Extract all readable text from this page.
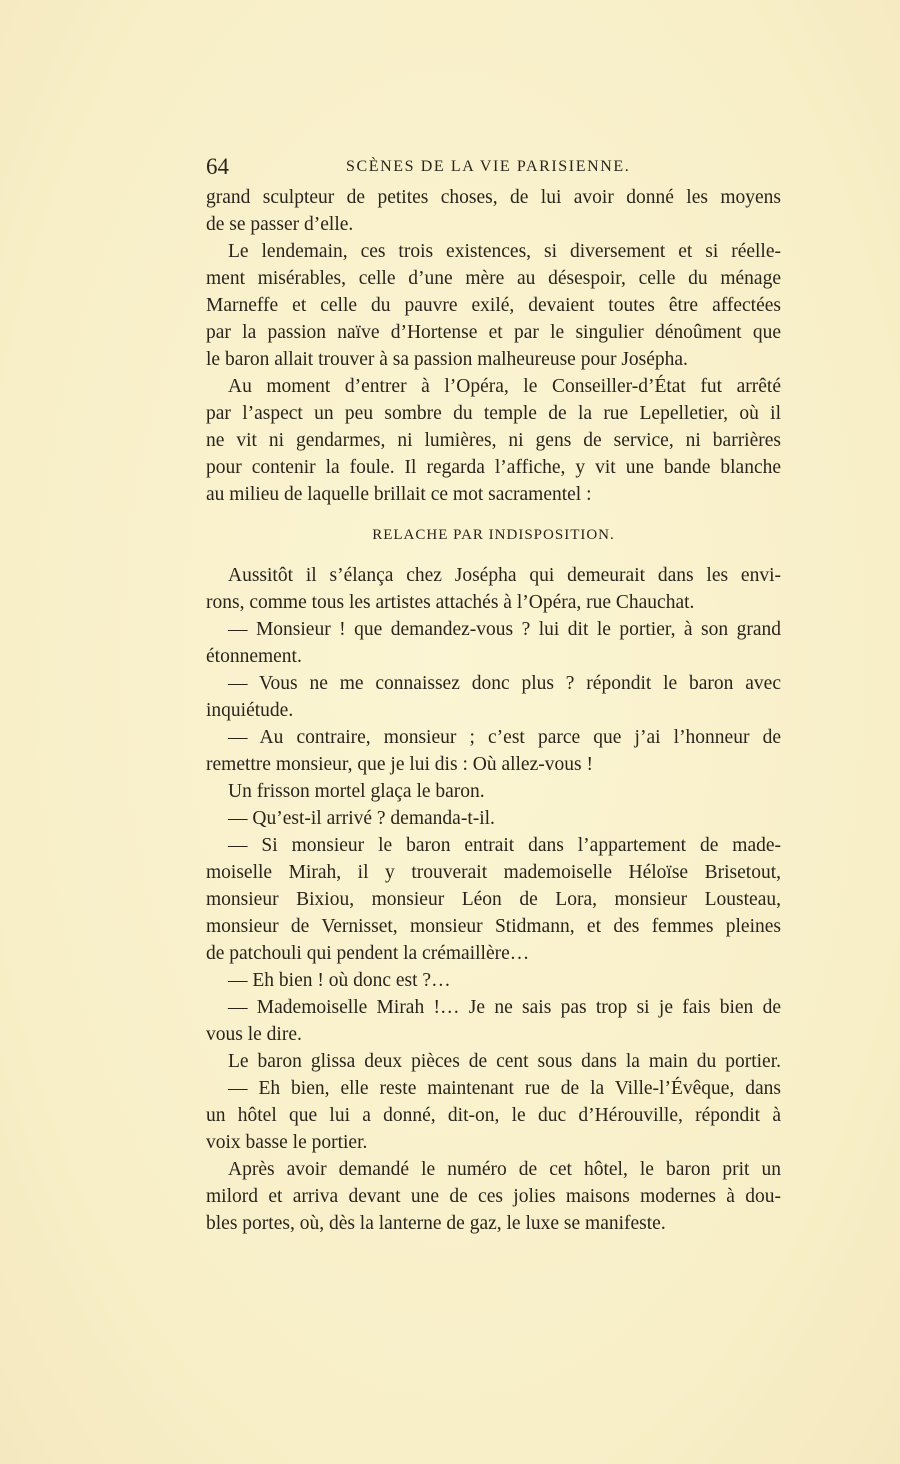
64	SCÈNES DE LA VIE PARISIENNE.
grand sculpteur de petites choses, de lui avoir donné les moyens
de se passer d’elle.
Le lendemain, ces trois existences, si diversement et si réelle-
ment misérables, celle d’une mère au désespoir, celle du ménage
Marneffe et celle du pauvre exilé, devaient toutes être affectées
par la passion naïve d’Hortense et par le singulier dénoûment que
le baron allait trouver à sa passion malheureuse pour Josépha.
Au moment d’entrer à l’Opéra, le Conseiller-d’État fut arrêté
par l’aspect un peu sombre du temple de la rue Lepelletier, où il
ne vit ni gendarmes, ni lumières, ni gens de service, ni barrières
pour contenir la foule. Il regarda l’affiche, y vit une bande blanche
au milieu de laquelle brillait ce mot sacramentel :
RELACHE PAR INDISPOSITION.
Aussitôt il s’élança chez Josépha qui demeurait dans les envi-
rons, comme tous les artistes attachés à l’Opéra, rue Chauchat.
— Monsieur ! que demandez-vous ? lui dit le portier, à son grand
étonnement.
— Vous ne me connaissez donc plus ? répondit le baron avec
inquiétude.
— Au contraire, monsieur ; c’est parce que j’ai l’honneur de
remettre monsieur, que je lui dis : Où allez-vous !
Un frisson mortel glaça le baron.
— Qu’est-il arrivé ? demanda-t-il.
— Si monsieur le baron entrait dans l’appartement de made-
moiselle Mirah, il y trouverait mademoiselle Héloïse Brisetout,
monsieur Bixiou, monsieur Léon de Lora, monsieur Lousteau,
monsieur de Vernisset, monsieur Stidmann, et des femmes pleines
de patchouli qui pendent la crémaillère…
— Eh bien ! où donc est ?…
— Mademoiselle Mirah !… Je ne sais pas trop si je fais bien de
vous le dire.
Le baron glissa deux pièces de cent sous dans la main du portier.
— Eh bien, elle reste maintenant rue de la Ville-l’Évêque, dans
un hôtel que lui a donné, dit-on, le duc d’Hérouville, répondit à
voix basse le portier.
Après avoir demandé le numéro de cet hôtel, le baron prit un
milord et arriva devant une de ces jolies maisons modernes à dou-
bles portes, où, dès la lanterne de gaz, le luxe se manifeste.
